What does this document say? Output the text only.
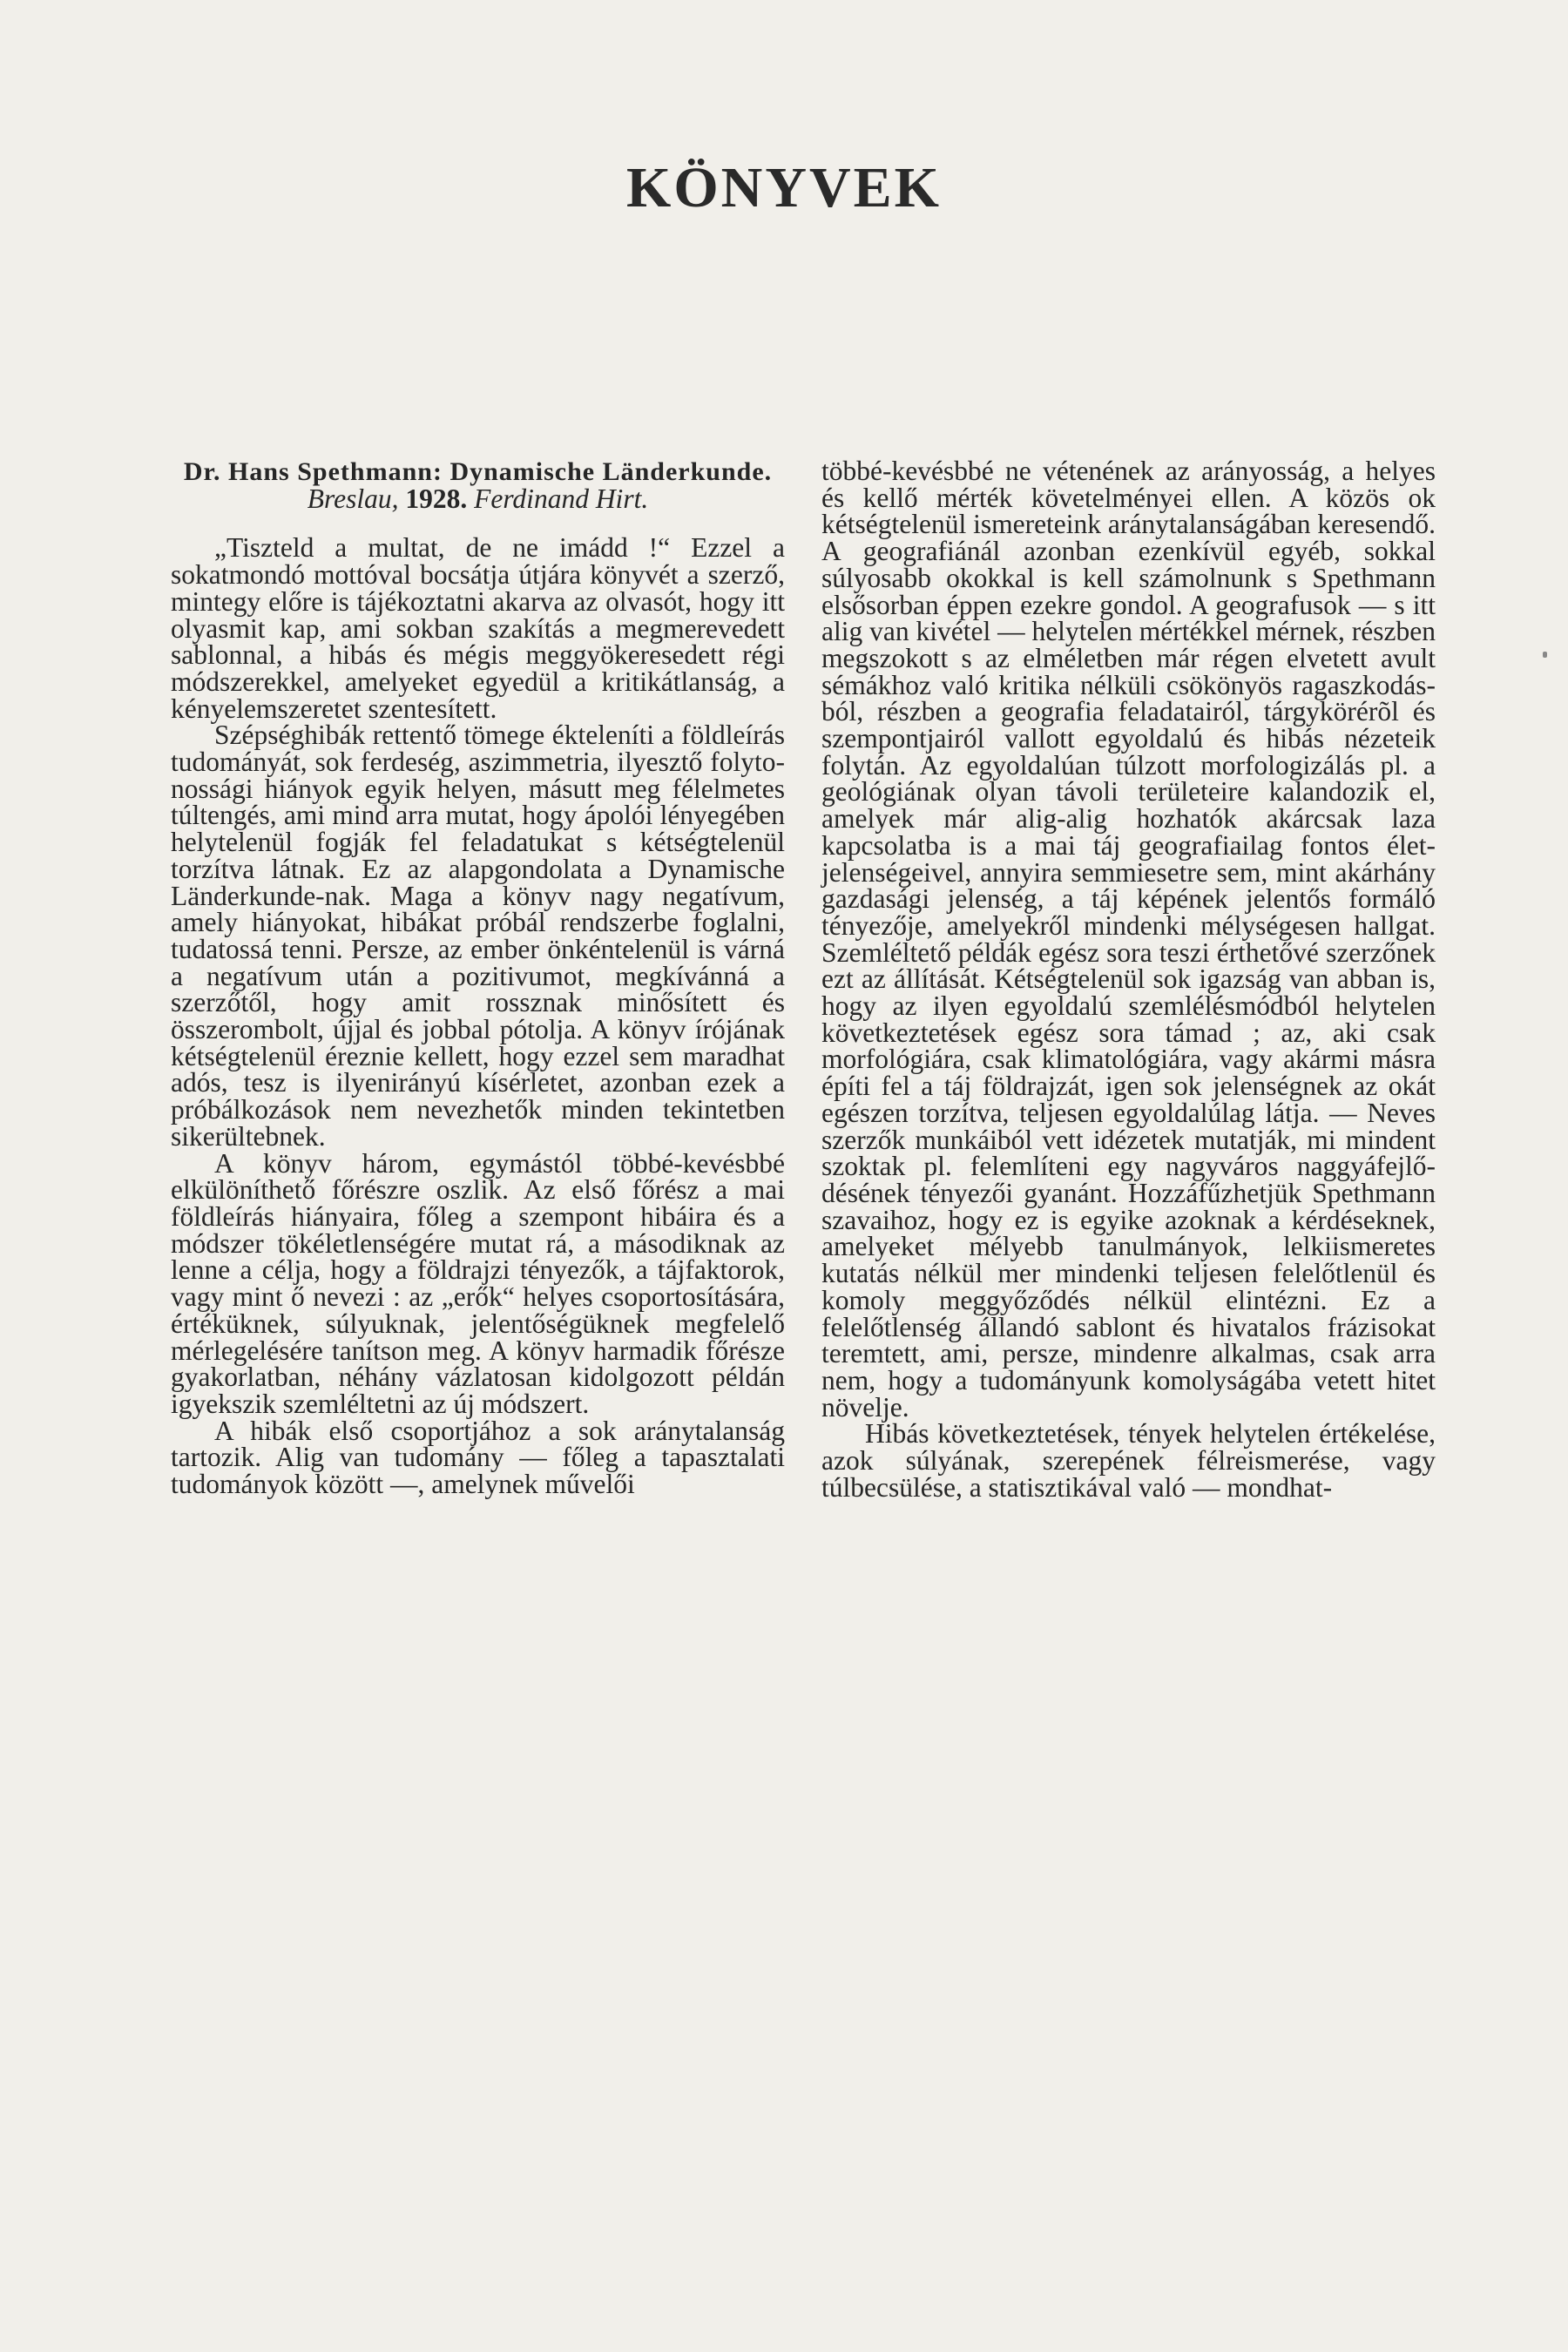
KÖNYVEK
Dr. Hans Spethmann: Dynamische Länderkunde. Breslau, 1928. Ferdinand Hirt.

„Tiszteld a multat, de ne imádd !“ Ezzel a sokatmondó mottóval bocsátja útjára könyvét a szerző, mintegy előre is tájékoztatni akarva az olvasót, hogy itt olyasmit kap, ami sokban szakítás a megmerevedett sablonnal, a hibás és mégis meggyökeresedett régi módszerekkel, amelyeket egyedül a kritikátlanság, a kényelemszeretet szentesített.

Szépséghibák rettentő tömege ékteleníti a földleírás tudományát, sok ferdeség, aszimmetria, ilyesztő folytonossági hiányok egyik helyen, másutt meg félelmetes túltengés, ami mind arra mutat, hogy ápolói lényegében helytelenül fogják fel feladatukat s kétségtelenül torzítva látnak. Ez az alapgondolata a Dynamische Länderkunde-nak. Maga a könyv nagy negatívum, amely hiányokat, hibákat próbál rendszerbe foglalni, tudatossá tenni. Persze, az ember önkéntelenül is várná a negatívum után a pozitivumot, megkívánná a szerzőtől, hogy amit rossznak minősített és összerombolt, újjal és jobbal pótolja. A könyv írójának kétségtelenül éreznie kellett, hogy ezzel sem maradhat adós, tesz is ilyenirányú kísérletet, azonban ezek a próbálkozások nem nevezhetők minden tekintetben sikerültebnek.

A könyv három, egymástól többé-kevésbbé elkülöníthető főrészre oszlik. Az első főrész a mai földleírás hiányaira, főleg a szempont hibáira és a módszer tökéletlenségére mutat rá, a másodiknak az lenne a célja, hogy a földrajzi tényezők, a tájfaktorok, vagy mint ő nevezi : az „erők“ helyes csoportosítására, értéküknek, súlyuknak, jelentőségüknek megfelelő mérlegelésére tanítson meg. A könyv harmadik főrésze gyakorlatban, néhány vázlatosan kidolgozott példán igyekszik szemléltetni az új módszert.

A hibák első csoportjához a sok aránytalanság tartozik. Alig van tudomány — főleg a tapasztalati tudományok között —, amelynek művelői

többé-kevésbbé ne vétenének az arányosság, a helyes és kellő mérték követelményei ellen. A közös ok kétségtelenül ismereteink aránytalanságában keresendő. A geografiánál azonban ezenkívül egyéb, sokkal súlyosabb okokkal is kell számolnunk s Spethmann elsősorban éppen ezekre gondol. A geografusok — s itt alig van kivétel — helytelen mértékkel mérnek, részben megszokott s az elméletben már régen elvetett avult sémákhoz való kritika nélküli csökönyös ragaszkodásból, részben a geografia feladatairól, tárgykörérõl és szempontjairól vallott egyoldalú és hibás nézeteik folytán. Az egyoldalúan túlzott morfologizálás pl. a geológiának olyan távoli területeire kalandozik el, amelyek már alig-alig hozhatók akárcsak laza kapcsolatba is a mai táj geografiailag fontos életjelenségeivel, annyira semmiesetre sem, mint akárhány gazdasági jelenség, a táj képének jelentős formáló tényezője, amelyekről mindenki mélységesen hallgat. Szemléltető példák egész sora teszi érthetővé szerzőnek ezt az állítását. Kétségtelenül sok igazság van abban is, hogy az ilyen egyoldalú szemlélésmódból helytelen következtetések egész sora támad ; az, aki csak morfológiára, csak klimatológiára, vagy akármi másra építi fel a táj földrajzát, igen sok jelenségnek az okát egészen torzítva, teljesen egyoldalúlag látja. — Neves szerzők munkáiból vett idézetek mutatják, mi mindent szoktak pl. felemlíteni egy nagyváros naggyáfejlődésének tényezői gyanánt. Hozzáfűzhetjük Spethmann szavaihoz, hogy ez is egyike azoknak a kérdéseknek, amelyeket mélyebb tanulmányok, lelkiismeretes kutatás nélkül mer mindenki teljesen felelőtlenül és komoly meggyőződés nélkül elintézni. Ez a felelőtlenség állandó sablont és hivatalos frázisokat teremtett, ami, persze, mindenre alkalmas, csak arra nem, hogy a tudományunk komolyságába vetett hitet növelje.

Hibás következtetések, tények helytelen értékelése, azok súlyának, szerepének félreismerése, vagy túlbecsülése, a statisztikával való — mondhat-
